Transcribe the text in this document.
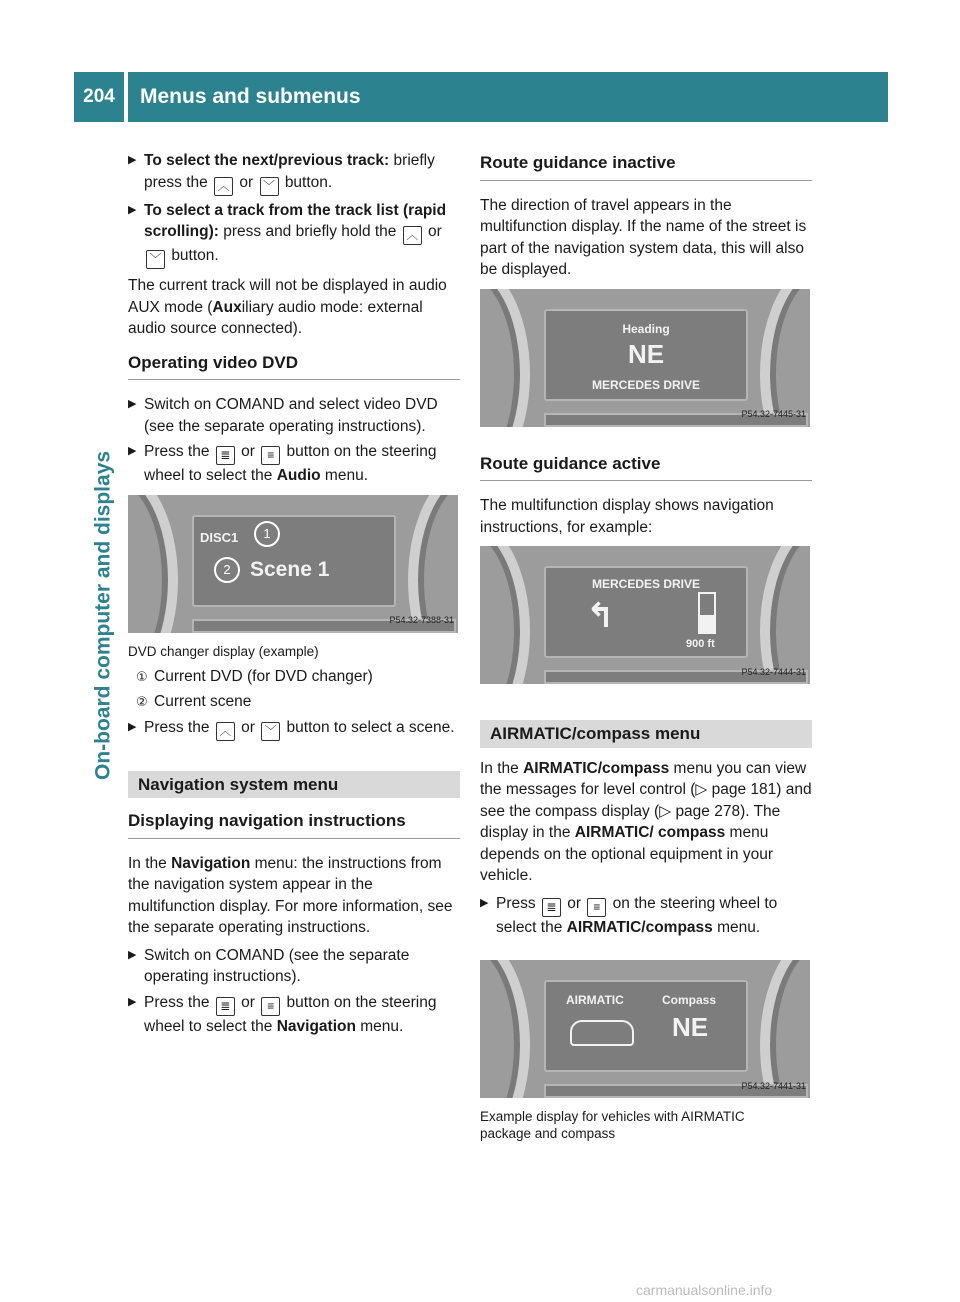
204	Menus and submenus
On-board computer and displays
▶ To select the next/previous track: briefly press the ︿ or ﹀ button.
▶ To select a track from the track list (rapid scrolling): press and briefly hold the ︿ or ﹀ button.

The current track will not be displayed in audio AUX mode (Auxiliary audio mode: external audio source connected).

Operating video DVD
▶ Switch on COMAND and select video DVD (see the separate operating instructions).
▶ Press the ≣ or ≡ button on the steering wheel to select the Audio menu.
DISC1
Scene 1
1
2
P54.32-7388-31
DVD changer display (example)
① Current DVD (for DVD changer)
② Current scene
▶ Press the ︿ or ﹀ button to select a scene.
Navigation system menu
Displaying navigation instructions

In the Navigation menu: the instructions from the navigation system appear in the multifunction display. For more information, see the separate operating instructions.

▶ Switch on COMAND (see the separate operating instructions).
▶ Press the ≣ or ≡ button on the steering wheel to select the Navigation menu.
Route guidance inactive

The direction of travel appears in the multifunction display. If the name of the street is part of the navigation system data, this will also be displayed.

Heading
NE
MERCEDES DRIVE
P54.32-7445-31
Route guidance active

The multifunction display shows navigation instructions, for example:

MERCEDES DRIVE
↰
900 ft
P54.32-7444-31
AIRMATIC/compass menu

In the AIRMATIC/compass menu you can view the messages for level control (▷ page 181) and see the compass display (▷ page 278). The display in the AIRMATIC/ compass menu depends on the optional equipment in your vehicle.

▶ Press ≣ or ≡ on the steering wheel to select the AIRMATIC/compass menu.
AIRMATIC	Compass
NE
P54.32-7441-31
Example display for vehicles with AIRMATIC package and compass
carmanualsonline.info
